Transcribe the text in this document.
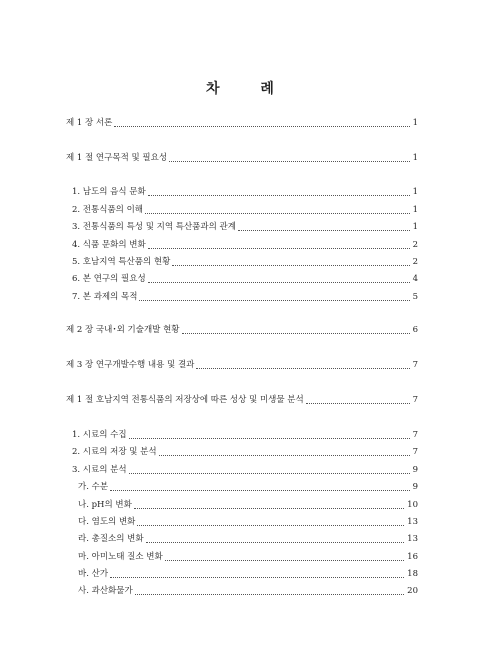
차 례
제 1 장 서론	1
제 1 절 연구목적 및 필요성	1
1. 남도의 음식 문화	1
2. 전통식품의 이해	1
3. 전통식품의 특성 및 지역 특산품과의 관계	1
4. 식품 문화의 변화	2
5. 호남지역 특산품의 현황	2
6. 본 연구의 필요성	4
7. 본 과제의 목적	5
제 2 장 국내･외 기술개발 현황	6
제 3 장 연구개발수행 내용 및 결과	7
제 1 절 호남지역 전통식품의 저장상에 따른 성상 및 미생물 분석	7
1. 시료의 수집	7
2. 시료의 저장 및 분석	7
3. 시료의 분석	9
가. 수분	9
나. pH의 변화	10
다. 염도의 변화	13
라. 총질소의 변화	13
마. 아미노태 질소 변화	16
바. 산가	18
사. 과산화물가	20
